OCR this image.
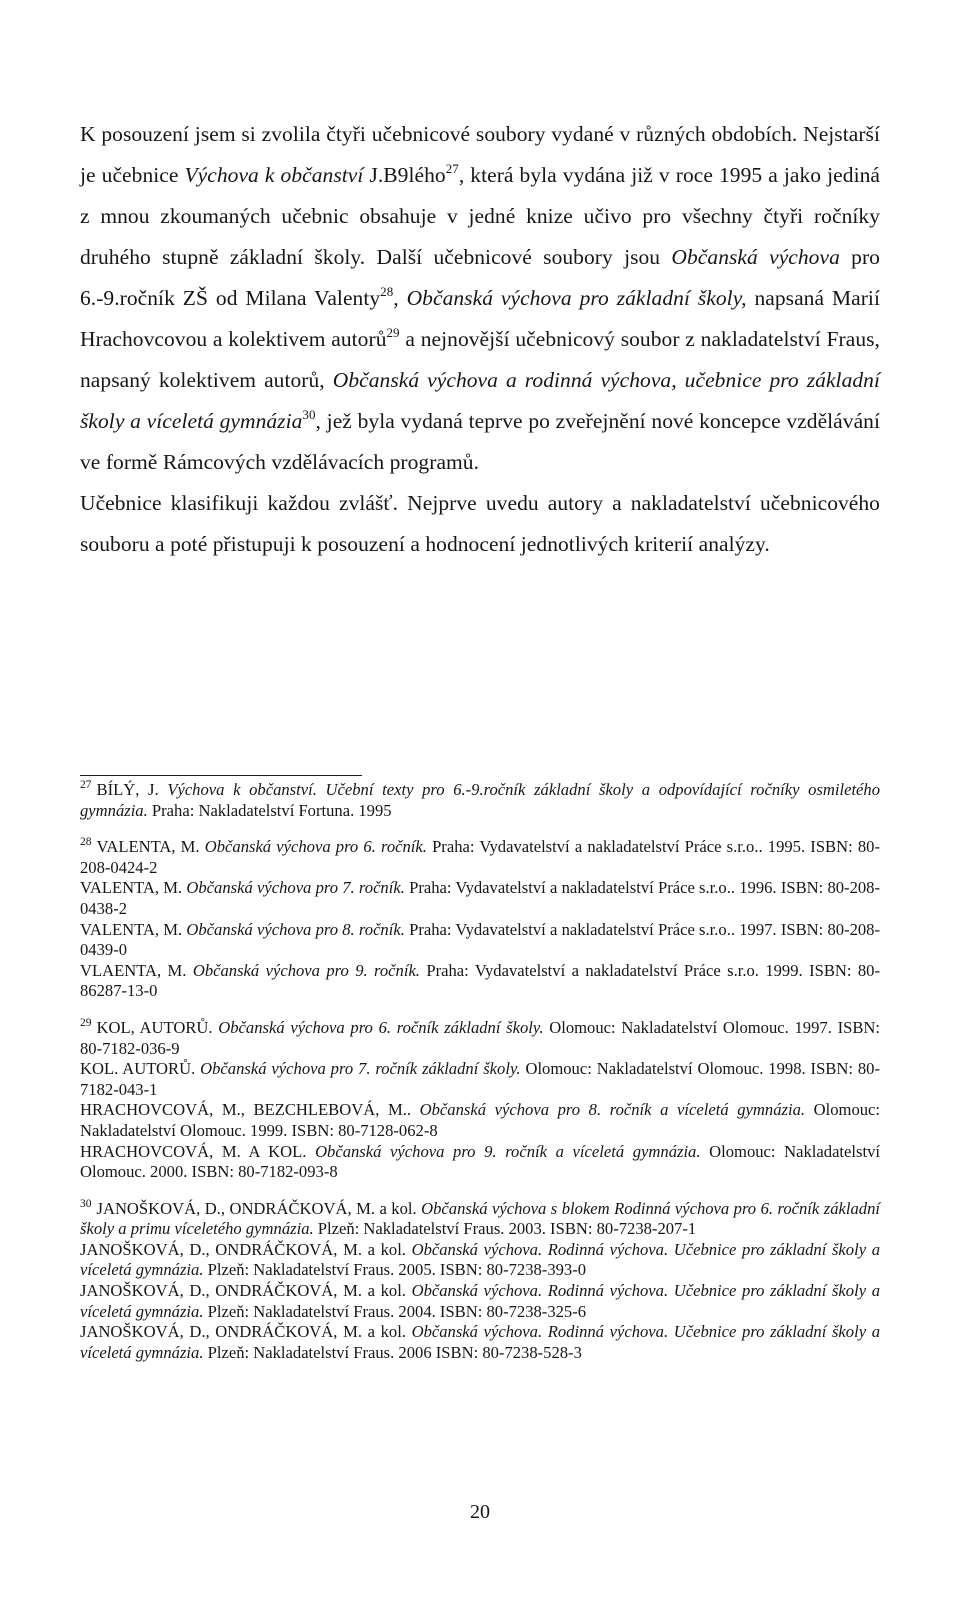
K posouzení jsem si zvolila čtyři učebnicové soubory vydané v různých obdobích. Nejstarší je učebnice Výchova k občanství J.B9lého$^{27}$, která byla vydána již v roce 1995 a jako jediná z mnou zkoumaných učebnic obsahuje v jedné knize učivo pro všechny čtyři ročníky druhého stupně základní školy. Další učebnicové soubory jsou Občanská výchova pro 6.-9.ročník ZŠ od Milana Valenty$^{28}$, Občanská výchova pro základní školy, napsaná Marií Hrachovcovou a kolektivem autorů$^{29}$ a nejnovější učebnicový soubor z nakladatelství Fraus, napsaný kolektivem autorů, Občanská výchova a rodinná výchova, učebnice pro základní školy a víceletá gymnázia$^{30}$, jež byla vydaná teprve po zveřejnění nové koncepce vzdělávání ve formě Rámcových vzdělávacích programů.

Učebnice klasifikuji každou zvlášť. Nejprve uvedu autory a nakladatelství učebnicového souboru a poté přistupuji k posouzení a hodnocení jednotlivých kriterií analýzy.

$^{27}$ BÍLÝ, J. Výchova k občanství. Učební texty pro 6.-9.ročník základní školy a odpovídající ročníky osmiletého gymnázia. Praha: Nakladatelství Fortuna. 1995

$^{28}$ VALENTA, M. Občanská výchova pro 6. ročník. Praha: Vydavatelství a nakladatelství Práce s.r.o.. 1995. ISBN: 80-208-0424-2

VALENTA, M. Občanská výchova pro 7. ročník. Praha: Vydavatelství a nakladatelství Práce s.r.o.. 1996. ISBN: 80-208-0438-2

VALENTA, M. Občanská výchova pro 8. ročník. Praha: Vydavatelství a nakladatelství Práce s.r.o.. 1997. ISBN: 80-208-0439-0

VLAENTA, M. Občanská výchova pro 9. ročník. Praha: Vydavatelství a nakladatelství Práce s.r.o. 1999. ISBN: 80-86287-13-0

$^{29}$ KOL, AUTORŮ. Občanská výchova pro 6. ročník základní školy. Olomouc: Nakladatelství Olomouc. 1997. ISBN: 80-7182-036-9

KOL. AUTORŮ. Občanská výchova pro 7. ročník základní školy. Olomouc: Nakladatelství Olomouc. 1998. ISBN: 80-7182-043-1

HRACHOVCOVÁ, M., BEZCHLEBOVÁ, M.. Občanská výchova pro 8. ročník a víceletá gymnázia. Olomouc: Nakladatelství Olomouc. 1999. ISBN: 80-7128-062-8

HRACHOVCOVÁ, M. A KOL. Občanská výchova pro 9. ročník a víceletá gymnázia. Olomouc: Nakladatelství Olomouc. 2000. ISBN: 80-7182-093-8

$^{30}$ JANOŠKOVÁ, D., ONDRÁČKOVÁ, M. a kol. Občanská výchova s blokem Rodinná výchova pro 6. ročník základní školy a primu víceletého gymnázia. Plzeň: Nakladatelství Fraus. 2003. ISBN: 80-7238-207-1

JANOŠKOVÁ, D., ONDRÁČKOVÁ, M. a kol. Občanská výchova. Rodinná výchova. Učebnice pro základní školy a víceletá gymnázia. Plzeň: Nakladatelství Fraus. 2005. ISBN: 80-7238-393-0

JANOŠKOVÁ, D., ONDRÁČKOVÁ, M. a kol. Občanská výchova. Rodinná výchova. Učebnice pro základní školy a víceletá gymnázia. Plzeň: Nakladatelství Fraus. 2004. ISBN: 80-7238-325-6

JANOŠKOVÁ, D., ONDRÁČKOVÁ, M. a kol. Občanská výchova. Rodinná výchova. Učebnice pro základní školy a víceletá gymnázia. Plzeň: Nakladatelství Fraus. 2006 ISBN: 80-7238-528-3

20
